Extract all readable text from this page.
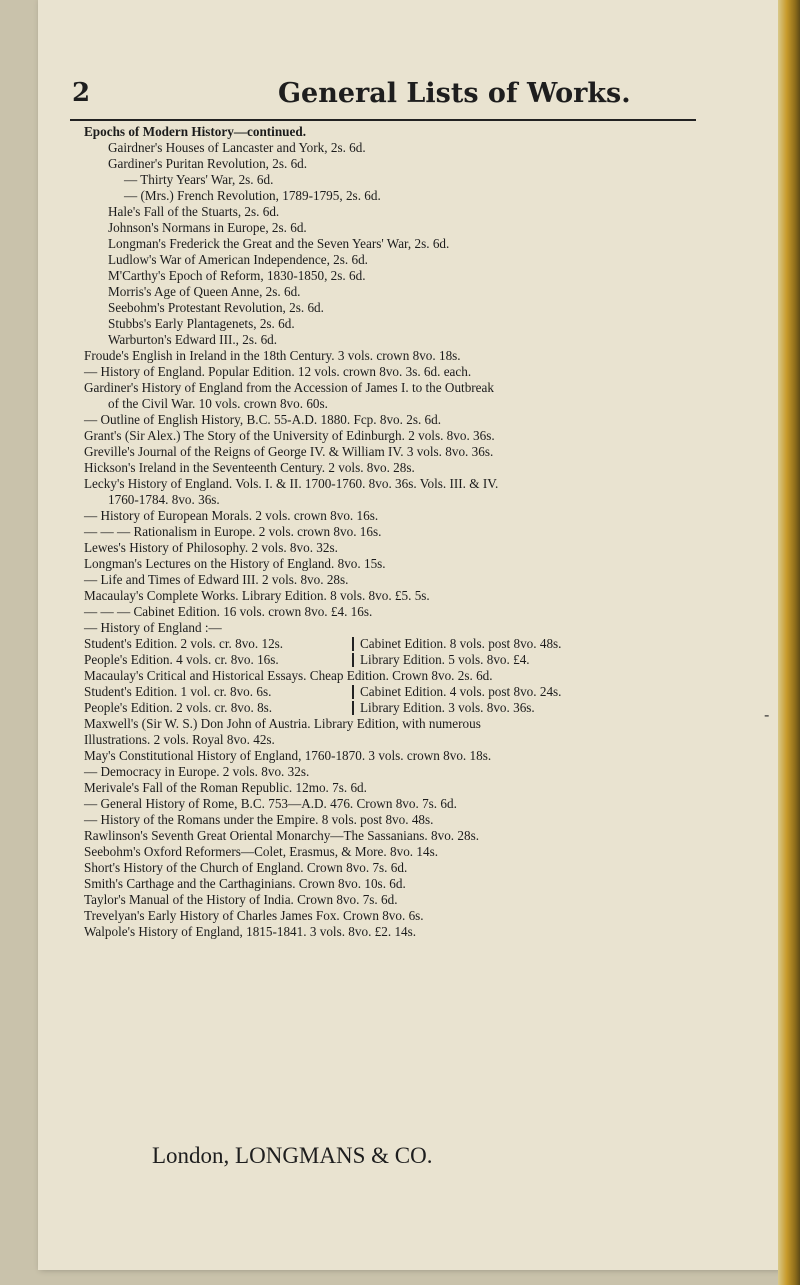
2	General Lists of Works.
Epochs of Modern History—continued.
Gairdner's Houses of Lancaster and York, 2s. 6d.
Gardiner's Puritan Revolution, 2s. 6d.
— Thirty Years' War, 2s. 6d.
— (Mrs.) French Revolution, 1789-1795, 2s. 6d.
Hale's Fall of the Stuarts, 2s. 6d.
Johnson's Normans in Europe, 2s. 6d.
Longman's Frederick the Great and the Seven Years' War, 2s. 6d.
Ludlow's War of American Independence, 2s. 6d.
M'Carthy's Epoch of Reform, 1830-1850, 2s. 6d.
Morris's Age of Queen Anne, 2s. 6d.
Seebohm's Protestant Revolution, 2s. 6d.
Stubbs's Early Plantagenets, 2s. 6d.
Warburton's Edward III., 2s. 6d.
Froude's English in Ireland in the 18th Century. 3 vols. crown 8vo. 18s.
— History of England. Popular Edition. 12 vols. crown 8vo. 3s. 6d. each.
Gardiner's History of England from the Accession of James I. to the Outbreak
of the Civil War. 10 vols. crown 8vo. 60s.
— Outline of English History, B.C. 55-A.D. 1880. Fcp. 8vo. 2s. 6d.
Grant's (Sir Alex.) The Story of the University of Edinburgh. 2 vols. 8vo. 36s.
Greville's Journal of the Reigns of George IV. & William IV. 3 vols. 8vo. 36s.
Hickson's Ireland in the Seventeenth Century. 2 vols. 8vo. 28s.
Lecky's History of England. Vols. I. & II. 1700-1760. 8vo. 36s. Vols. III. & IV.
1760-1784. 8vo. 36s.
— History of European Morals. 2 vols. crown 8vo. 16s.
— — — Rationalism in Europe. 2 vols. crown 8vo. 16s.
Lewes's History of Philosophy. 2 vols. 8vo. 32s.
Longman's Lectures on the History of England. 8vo. 15s.
— Life and Times of Edward III. 2 vols. 8vo. 28s.
Macaulay's Complete Works. Library Edition. 8 vols. 8vo. £5. 5s.
— — — Cabinet Edition. 16 vols. crown 8vo. £4. 16s.
— History of England :—
Student's Edition. 2 vols. cr. 8vo. 12s.	Cabinet Edition. 8 vols. post 8vo. 48s.
People's Edition. 4 vols. cr. 8vo. 16s.	Library Edition. 5 vols. 8vo. £4.
Macaulay's Critical and Historical Essays. Cheap Edition. Crown 8vo. 2s. 6d.
Student's Edition. 1 vol. cr. 8vo. 6s.	Cabinet Edition. 4 vols. post 8vo. 24s.
People's Edition. 2 vols. cr. 8vo. 8s.	Library Edition. 3 vols. 8vo. 36s.
Maxwell's (Sir W. S.) Don John of Austria. Library Edition, with numerous
Illustrations. 2 vols. Royal 8vo. 42s.
May's Constitutional History of England, 1760-1870. 3 vols. crown 8vo. 18s.
— Democracy in Europe. 2 vols. 8vo. 32s.
Merivale's Fall of the Roman Republic. 12mo. 7s. 6d.
— General History of Rome, B.C. 753—A.D. 476. Crown 8vo. 7s. 6d.
— History of the Romans under the Empire. 8 vols. post 8vo. 48s.
Rawlinson's Seventh Great Oriental Monarchy—The Sassanians. 8vo. 28s.
Seebohm's Oxford Reformers—Colet, Erasmus, & More. 8vo. 14s.
Short's History of the Church of England. Crown 8vo. 7s. 6d.
Smith's Carthage and the Carthaginians. Crown 8vo. 10s. 6d.
Taylor's Manual of the History of India. Crown 8vo. 7s. 6d.
Trevelyan's Early History of Charles James Fox. Crown 8vo. 6s.
Walpole's History of England, 1815-1841. 3 vols. 8vo. £2. 14s.
-
London, LONGMANS & CO.
